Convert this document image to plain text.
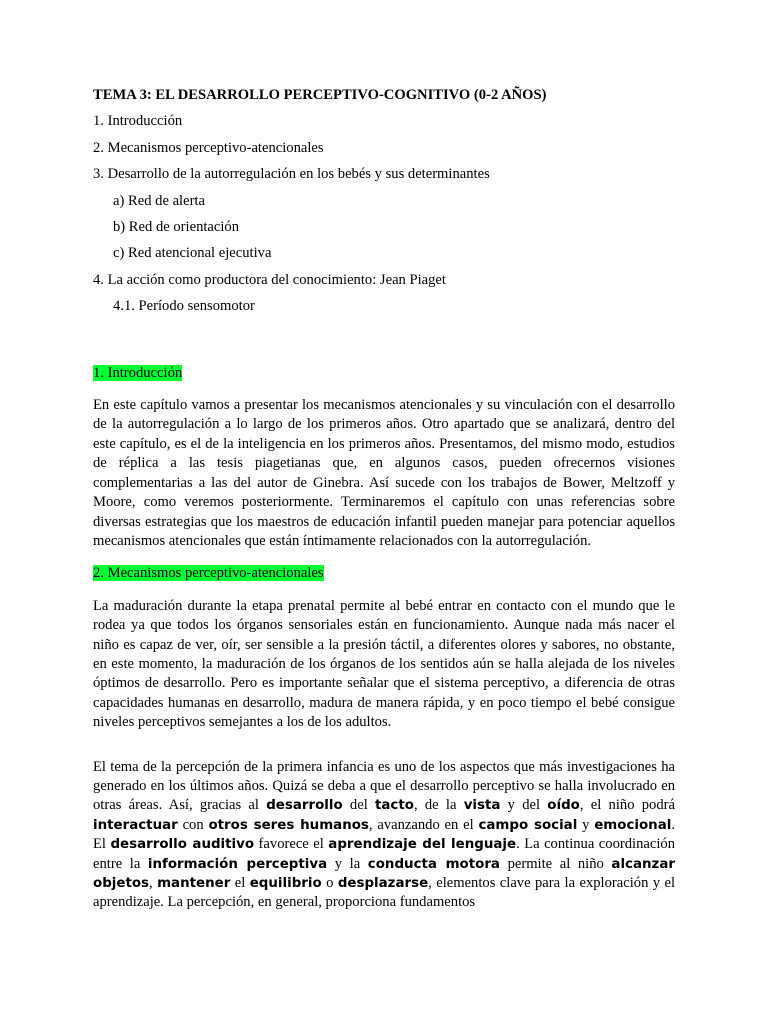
TEMA 3: EL DESARROLLO PERCEPTIVO-COGNITIVO (0-2 AÑOS)

1. Introducción

2. Mecanismos perceptivo-atencionales

3. Desarrollo de la autorregulación en los bebés y sus determinantes

a) Red de alerta

b) Red de orientación

c) Red atencional ejecutiva

4. La acción como productora del conocimiento: Jean Piaget

4.1. Período sensomotor

1. Introducción

En este capítulo vamos a presentar los mecanismos atencionales y su vinculación con el desarrollo de la autorregulación a lo largo de los primeros años. Otro apartado que se analizará, dentro del este capítulo, es el de la inteligencia en los primeros años. Presentamos, del mismo modo, estudios de réplica a las tesis piagetianas que, en algunos casos, pueden ofrecernos visiones complementarias a las del autor de Ginebra. Así sucede con los trabajos de Bower, Meltzoff y Moore, como veremos posteriormente. Terminaremos el capítulo con unas referencias sobre diversas estrategias que los maestros de educación infantil pueden manejar para potenciar aquellos mecanismos atencionales que están íntimamente relacionados con la autorregulación.

2. Mecanismos perceptivo-atencionales

La maduración durante la etapa prenatal permite al bebé entrar en contacto con el mundo que le rodea ya que todos los órganos sensoriales están en funcionamiento. Aunque nada más nacer el niño es capaz de ver, oír, ser sensible a la presión táctil, a diferentes olores y sabores, no obstante, en este momento, la maduración de los órganos de los sentidos aún se halla alejada de los niveles óptimos de desarrollo. Pero es importante señalar que el sistema perceptivo, a diferencia de otras capacidades humanas en desarrollo, madura de manera rápida, y en poco tiempo el bebé consigue niveles perceptivos semejantes a los de los adultos.

El tema de la percepción de la primera infancia es uno de los aspectos que más investigaciones ha generado en los últimos años. Quizá se deba a que el desarrollo perceptivo se halla involucrado en otras áreas. Así, gracias al desarrollo del tacto, de la vista y del oído, el niño podrá interactuar con otros seres humanos, avanzando en el campo social y emocional. El desarrollo auditivo favorece el aprendizaje del lenguaje. La continua coordinación entre la información perceptiva y la conducta motora permite al niño alcanzar objetos, mantener el equilibrio o desplazarse, elementos clave para la exploración y el aprendizaje. La percepción, en general, proporciona fundamentos
